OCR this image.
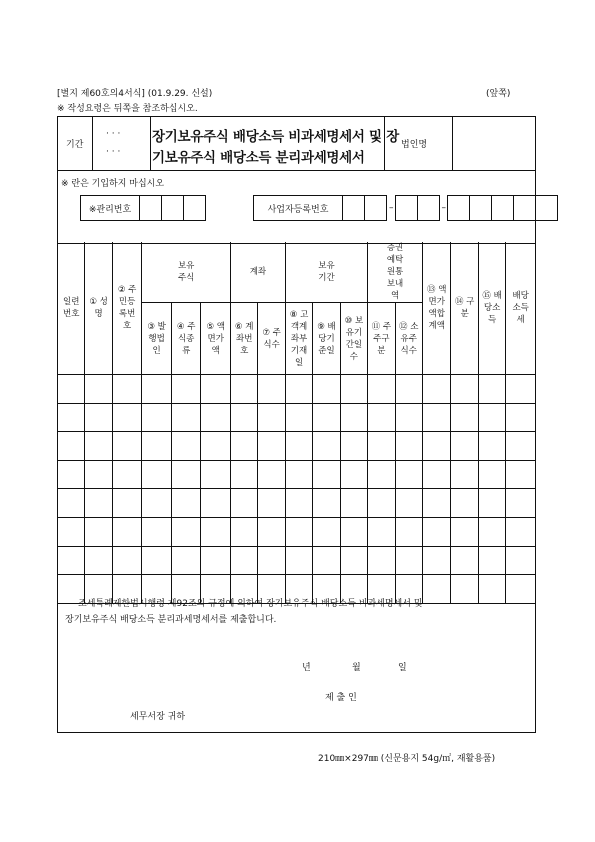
[별지 제60호의4서식] (01.9.29. 신설)	(앞쪽)
※ 작성요령은 뒤쪽을 참조하십시오.
기간
· · ·
· · ·
장기보유주식 배당소득 비과세명세서 및 장
기보유주식 배당소득 분리과세명세서
법인명
※ 란은 기입하지 마십시오
※관리번호	사업자등록번호	–	–
일련번호	① 성명	② 주민등록번호	보유 주식			계좌		보유기간			증권예탁원통보내역		⑬ 액면가액합계액	⑭ 구분	⑮ 배당소득	배당소득세
			③ 발행법인	④ 주식종류	⑤ 액면가액	⑥ 계좌번호	⑦ 주식수	⑧ 고객계좌부기재일	⑨ 배당기준일	⑩ 보유기간일수	⑪ 주주구분	⑫ 소유주식수				

조세특례제한법시행령 제92조의 규정에 의하여 장기보유주식 배당소득 비과세명세서 및
장기보유주식 배당소득 분리과세명세서를 제출합니다.
년	월	일
제 출 인
세무서장 귀하
210㎜×297㎜ (신문용지 54g/㎡, 재활용품)
